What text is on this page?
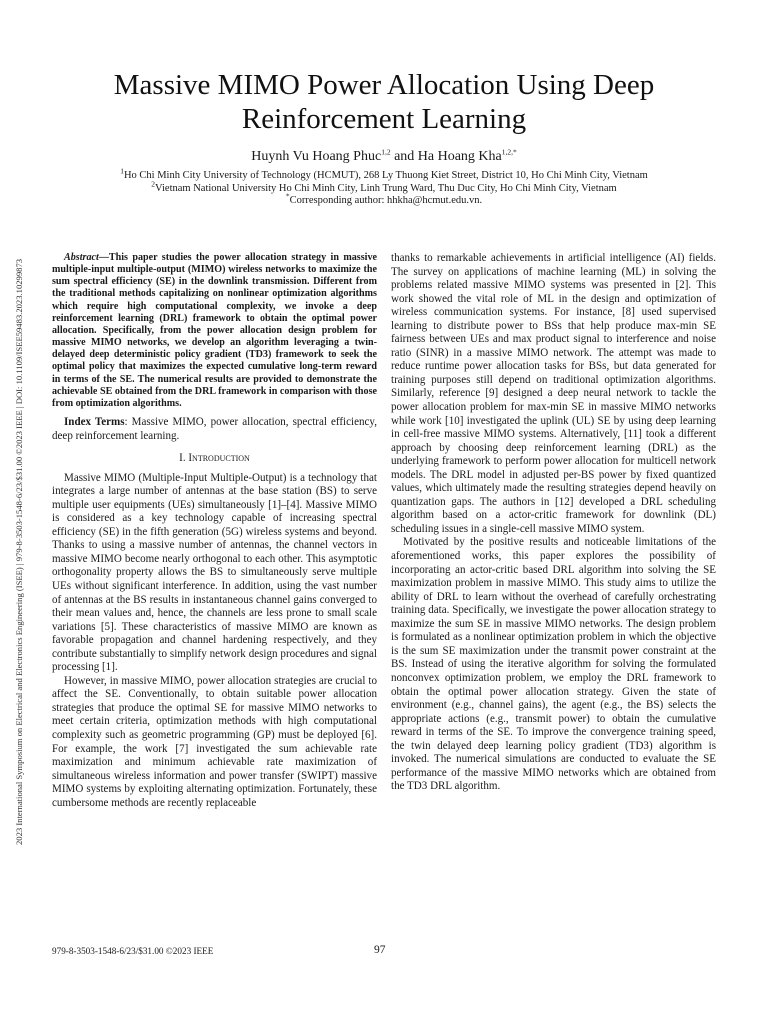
2023 International Symposium on Electrical and Electronics Engineering (ISEE) | 979-8-3503-1548-6/23/$31.00 ©2023 IEEE | DOI: 10.1109/ISEE59483.2023.10299873
Massive MIMO Power Allocation Using Deep Reinforcement Learning
Huynh Vu Hoang Phuc$^{1,2}$ and Ha Hoang Kha$^{1,2,*}$
$^1$Ho Chi Minh City University of Technology (HCMUT), 268 Ly Thuong Kiet Street, District 10, Ho Chi Minh City, Vietnam
$^2$Vietnam National University Ho Chi Minh City, Linh Trung Ward, Thu Duc City, Ho Chi Minh City, Vietnam
*Corresponding author: hhkha@hcmut.edu.vn.

Abstract—This paper studies the power allocation strategy in massive multiple-input multiple-output (MIMO) wireless networks to maximize the sum spectral efficiency (SE) in the downlink transmission. Different from the traditional methods capitalizing on nonlinear optimization algorithms which require high computational complexity, we invoke a deep reinforcement learning (DRL) framework to obtain the optimal power allocation. Specifically, from the power allocation design problem for massive MIMO networks, we develop an algorithm leveraging a twin-delayed deep deterministic policy gradient (TD3) framework to seek the optimal policy that maximizes the expected cumulative long-term reward in terms of the SE. The numerical results are provided to demonstrate the achievable SE obtained from the DRL framework in comparison with those from optimization algorithms.

Index Terms: Massive MIMO, power allocation, spectral efficiency, deep reinforcement learning.

I. Introduction

Massive MIMO (Multiple-Input Multiple-Output) is a technology that integrates a large number of antennas at the base station (BS) to serve multiple user equipments (UEs) simultaneously [1]–[4]. Massive MIMO is considered as a key technology capable of increasing spectral efficiency (SE) in the fifth generation (5G) wireless systems and beyond. Thanks to using a massive number of antennas, the channel vectors in massive MIMO become nearly orthogonal to each other. This asymptotic orthogonality property allows the BS to simultaneously serve multiple UEs without significant interference. In addition, using the vast number of antennas at the BS results in instantaneous channel gains converged to their mean values and, hence, the channels are less prone to small scale variations [5]. These characteristics of massive MIMO are known as favorable propagation and channel hardening respectively, and they contribute substantially to simplify network design procedures and signal processing [1].

However, in massive MIMO, power allocation strategies are crucial to affect the SE. Conventionally, to obtain suitable power allocation strategies that produce the optimal SE for massive MIMO networks to meet certain criteria, optimization methods with high computational complexity such as geometric programming (GP) must be deployed [6]. For example, the work [7] investigated the sum achievable rate maximization and minimum achievable rate maximization of simultaneous wireless information and power transfer (SWIPT) massive MIMO systems by exploiting alternating optimization. Fortunately, these cumbersome methods are recently replaceable

thanks to remarkable achievements in artificial intelligence (AI) fields. The survey on applications of machine learning (ML) in solving the problems related massive MIMO systems was presented in [2]. This work showed the vital role of ML in the design and optimization of wireless communication systems. For instance, [8] used supervised learning to distribute power to BSs that help produce max-min SE fairness between UEs and max product signal to interference and noise ratio (SINR) in a massive MIMO network. The attempt was made to reduce runtime power allocation tasks for BSs, but data generated for training purposes still depend on traditional optimization algorithms. Similarly, reference [9] designed a deep neural network to tackle the power allocation problem for max-min SE in massive MIMO networks while work [10] investigated the uplink (UL) SE by using deep learning in cell-free massive MIMO systems. Alternatively, [11] took a different approach by choosing deep reinforcement learning (DRL) as the underlying framework to perform power allocation for multicell network models. The DRL model in adjusted per-BS power by fixed quantized values, which ultimately made the resulting strategies depend heavily on quantization gaps. The authors in [12] developed a DRL scheduling algorithm based on a actor-critic framework for downlink (DL) scheduling issues in a single-cell massive MIMO system.

Motivated by the positive results and noticeable limitations of the aforementioned works, this paper explores the possibility of incorporating an actor-critic based DRL algorithm into solving the SE maximization problem in massive MIMO. This study aims to utilize the ability of DRL to learn without the overhead of carefully orchestrating training data. Specifically, we investigate the power allocation strategy to maximize the sum SE in massive MIMO networks. The design problem is formulated as a nonlinear optimization problem in which the objective is the sum SE maximization under the transmit power constraint at the BS. Instead of using the iterative algorithm for solving the formulated nonconvex optimization problem, we employ the DRL framework to obtain the optimal power allocation strategy. Given the state of environment (e.g., channel gains), the agent (e.g., the BS) selects the appropriate actions (e.g., transmit power) to obtain the cumulative reward in terms of the SE. To improve the convergence training speed, the twin delayed deep learning policy gradient (TD3) algorithm is invoked. The numerical simulations are conducted to evaluate the SE performance of the massive MIMO networks which are obtained from the TD3 DRL algorithm.

979-8-3503-1548-6/23/$31.00 ©2023 IEEE	97
